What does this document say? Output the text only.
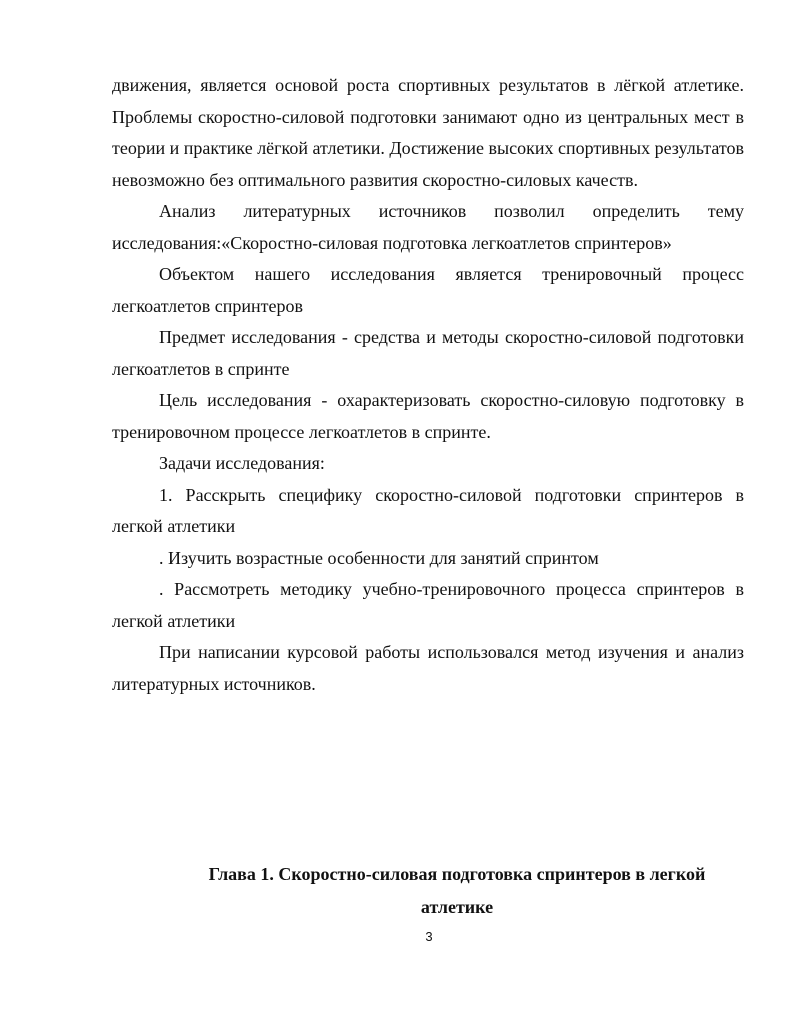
движения, является основой роста спортивных результатов в лёгкой атлетике. Проблемы скоростно-силовой подготовки занимают одно из центральных мест в теории и практике лёгкой атлетики. Достижение высоких спортивных результатов невозможно без оптимального развития скоростно-силовых качеств.

Анализ литературных источников позволил определить тему исследования:«Скоростно-силовая подготовка легкоатлетов спринтеров»

Объектом нашего исследования является тренировочный процесс легкоатлетов спринтеров

Предмет исследования - средства и методы скоростно-силовой подготовки легкоатлетов в спринте

Цель исследования - охарактеризовать скоростно-силовую подготовку в тренировочном процессе легкоатлетов в спринте.

Задачи исследования:

1. Расскрыть специфику скоростно-силовой подготовки спринтеров в легкой атлетики

. Изучить возрастные особенности для занятий спринтом

. Рассмотреть методику учебно-тренировочного процесса спринтеров в легкой атлетики

При написании курсовой работы использовался метод изучения и анализ литературных источников.

Глава 1. Скоростно-силовая подготовка спринтеров в легкой
атлетике
3
